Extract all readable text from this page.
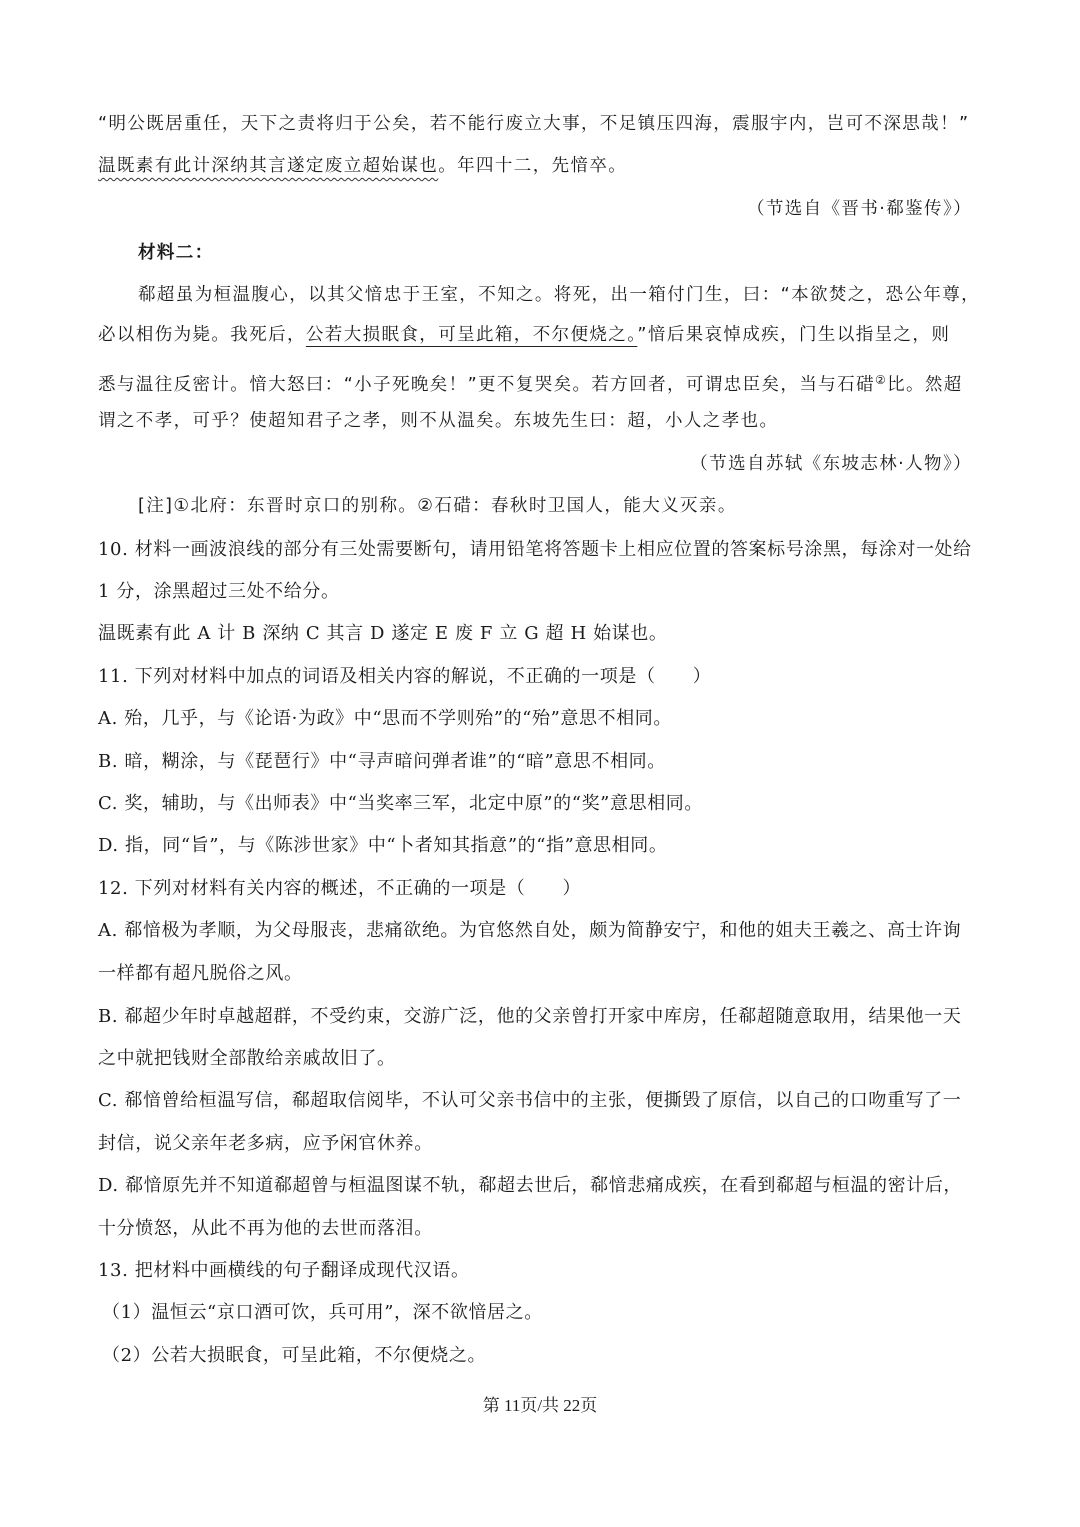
“明公既居重任，天下之责将归于公矣，若不能行废立大事，不足镇压四海，震服宇内，岂可不深思哉！”
温既素有此计深纳其言遂定废立超始谋也。年四十二，先愔卒。
（节选自《晋书·郗鉴传》）
材料二：
郗超虽为桓温腹心，以其父愔忠于王室，不知之。将死，出一箱付门生，曰：“本欲焚之，恐公年尊，
必以相伤为毙。我死后，公若大损眠食，可呈此箱，不尔便烧之。”愔后果哀悼成疾，门生以指呈之，则
悉与温往反密计。愔大怒曰：“小子死晚矣！”更不复哭矣。若方回者，可谓忠臣矣，当与石碏②比。然超
谓之不孝，可乎？使超知君子之孝，则不从温矣。东坡先生曰：超，小人之孝也。
（节选自苏轼《东坡志林·人物》）
[注]①北府：东晋时京口的别称。②石碏：春秋时卫国人，能大义灭亲。
10. 材料一画波浪线的部分有三处需要断句，请用铅笔将答题卡上相应位置的答案标号涂黑，每涂对一处给
1 分，涂黑超过三处不给分。
温既素有此 A 计 B 深纳 C 其言 D 遂定 E 废 F 立 G 超 H 始谋也。
11. 下列对材料中加点的词语及相关内容的解说，不正确的一项是（　　）
A. 殆，几乎，与《论语·为政》中“思而不学则殆”的“殆”意思不相同。
B. 暗，糊涂，与《琵琶行》中“寻声暗问弹者谁”的“暗”意思不相同。
C. 奖，辅助，与《出师表》中“当奖率三军，北定中原”的“奖”意思相同。
D. 指，同“旨”，与《陈涉世家》中“卜者知其指意”的“指”意思相同。
12. 下列对材料有关内容的概述，不正确的一项是（　　）
A. 郗愔极为孝顺，为父母服丧，悲痛欲绝。为官悠然自处，颇为简静安宁，和他的姐夫王羲之、高士许询
一样都有超凡脱俗之风。
B. 郗超少年时卓越超群，不受约束，交游广泛，他的父亲曾打开家中库房，任郗超随意取用，结果他一天
之中就把钱财全部散给亲戚故旧了。
C. 郗愔曾给桓温写信，郗超取信阅毕，不认可父亲书信中的主张，便撕毁了原信，以自己的口吻重写了一
封信，说父亲年老多病，应予闲官休养。
D. 郗愔原先并不知道郗超曾与桓温图谋不轨，郗超去世后，郗愔悲痛成疾，在看到郗超与桓温的密计后，
十分愤怒，从此不再为他的去世而落泪。
13. 把材料中画横线的句子翻译成现代汉语。
（1）温恒云“京口酒可饮，兵可用”，深不欲愔居之。
（2）公若大损眠食，可呈此箱，不尔便烧之。
第 11页/共 22页
